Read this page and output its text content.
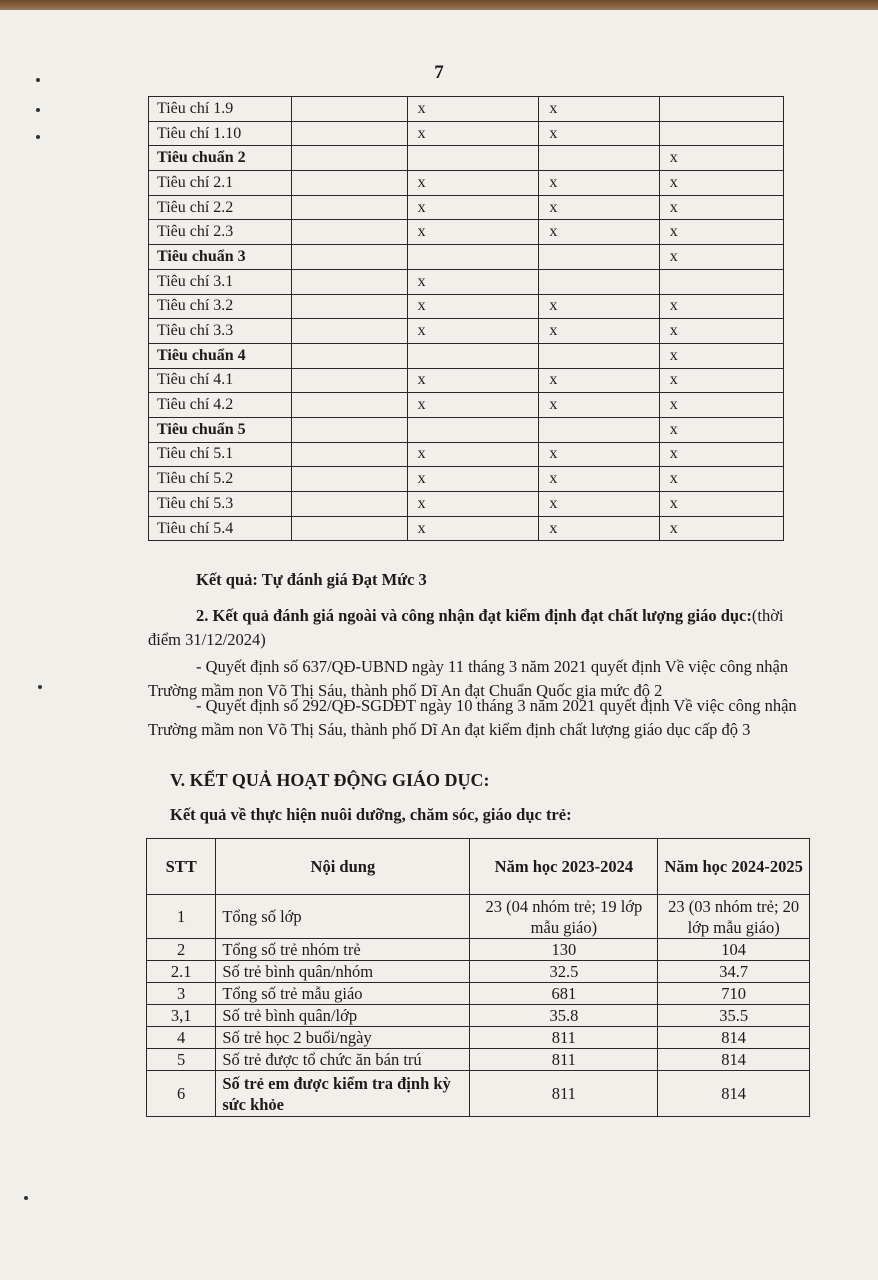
7
Tiêu chí 1.9		x	x	
Tiêu chí 1.10		x	x	
Tiêu chuẩn 2				x
Tiêu chí 2.1		x	x	x
Tiêu chí 2.2		x	x	x
Tiêu chí 2.3		x	x	x
Tiêu chuẩn 3				x
Tiêu chí 3.1		x		
Tiêu chí 3.2		x	x	x
Tiêu chí 3.3		x	x	x
Tiêu chuẩn 4				x
Tiêu chí 4.1		x	x	x
Tiêu chí 4.2		x	x	x
Tiêu chuẩn 5				x
Tiêu chí 5.1		x	x	x
Tiêu chí 5.2		x	x	x
Tiêu chí 5.3		x	x	x
Tiêu chí 5.4		x	x	x
Kết quả: Tự đánh giá Đạt Mức 3
2. Kết quả đánh giá ngoài và công nhận đạt kiểm định đạt chất lượng giáo dục:(thời điểm 31/12/2024)
- Quyết định số 637/QĐ-UBND ngày 11 tháng 3 năm 2021 quyết định Về việc công nhận Trường mầm non Võ Thị Sáu, thành phố Dĩ An đạt Chuẩn Quốc gia mức độ 2
- Quyết định số 292/QĐ-SGDĐT ngày 10 tháng 3 năm 2021 quyết định Về việc công nhận Trường mầm non Võ Thị Sáu, thành phố Dĩ An đạt kiểm định chất lượng giáo dục cấp độ 3
V. KẾT QUẢ HOẠT ĐỘNG GIÁO DỤC:
Kết quả về thực hiện nuôi dưỡng, chăm sóc, giáo dục trẻ:
STT	Nội dung	Năm học 2023-2024	Năm học 2024-2025
1	Tổng số lớp	23 (04 nhóm trẻ; 19 lớp mẫu giáo)	23 (03 nhóm trẻ; 20 lớp mẫu giáo)
2	Tổng số trẻ nhóm trẻ	130	104
2.1	Số trẻ bình quân/nhóm	32.5	34.7
3	Tổng số trẻ mẫu giáo	681	710
3,1	Số trẻ bình quân/lớp	35.8	35.5
4	Số trẻ học 2 buổi/ngày	811	814
5	Số trẻ được tổ chức ăn bán trú	811	814
6	Số trẻ em được kiểm tra định kỳ sức khỏe	811	814
